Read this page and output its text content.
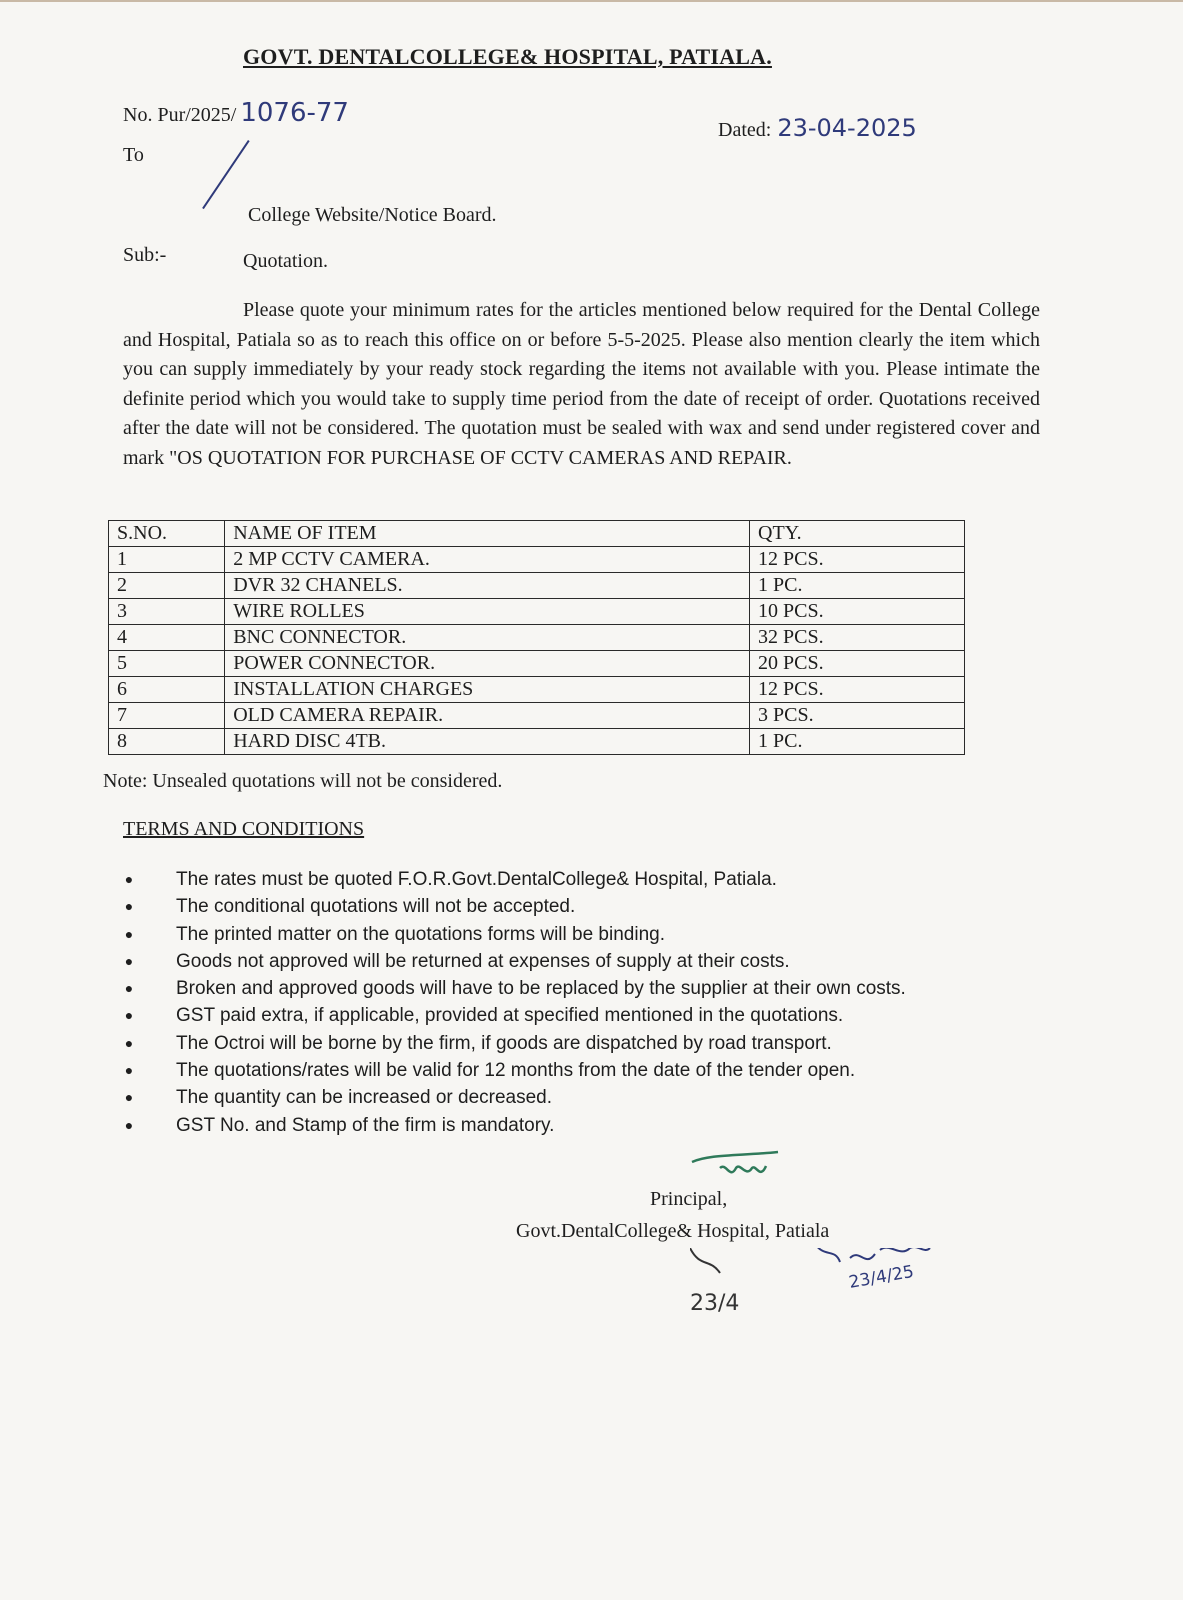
GOVT. DENTALCOLLEGE& HOSPITAL, PATIALA.
No. Pur/2025/ 1076-77
Dated: 23-04-2025
To
College Website/Notice Board.
Sub:-	Quotation.

Please quote your minimum rates for the articles mentioned below required for the Dental College and Hospital, Patiala so as to reach this office on or before 5-5-2025. Please also mention clearly the item which you can supply immediately by your ready stock regarding the items not available with you. Please intimate the definite period which you would take to supply time period from the date of receipt of order. Quotations received after the date will not be considered. The quotation must be sealed with wax and send under registered cover and mark "OS QUOTATION FOR PURCHASE OF CCTV CAMERAS AND REPAIR.

S.NO.	NAME OF ITEM	QTY.
1	2 MP CCTV CAMERA.	12 PCS.
2	DVR 32 CHANELS.	1 PC.
3	WIRE ROLLES	10 PCS.
4	BNC CONNECTOR.	32 PCS.
5	POWER CONNECTOR.	20 PCS.
6	INSTALLATION CHARGES	12 PCS.
7	OLD CAMERA REPAIR.	3 PCS.
8	HARD DISC 4TB.	1 PC.
Note: Unsealed quotations will not be considered.
TERMS AND CONDITIONS
● The rates must be quoted F.O.R.Govt.DentalCollege& Hospital, Patiala.
● The conditional quotations will not be accepted.
● The printed matter on the quotations forms will be binding.
● Goods not approved will be returned at expenses of supply at their costs.
● Broken and approved goods will have to be replaced by the supplier at their own costs.
● GST paid extra, if applicable, provided at specified mentioned in the quotations.
● The Octroi will be borne by the firm, if goods are dispatched by road transport.
● The quotations/rates will be valid for 12 months from the date of the tender open.
● The quantity can be increased or decreased.
● GST No. and Stamp of the firm is mandatory.
Principal,
Govt.DentalCollege& Hospital, Patiala
23/4/25
23/4
